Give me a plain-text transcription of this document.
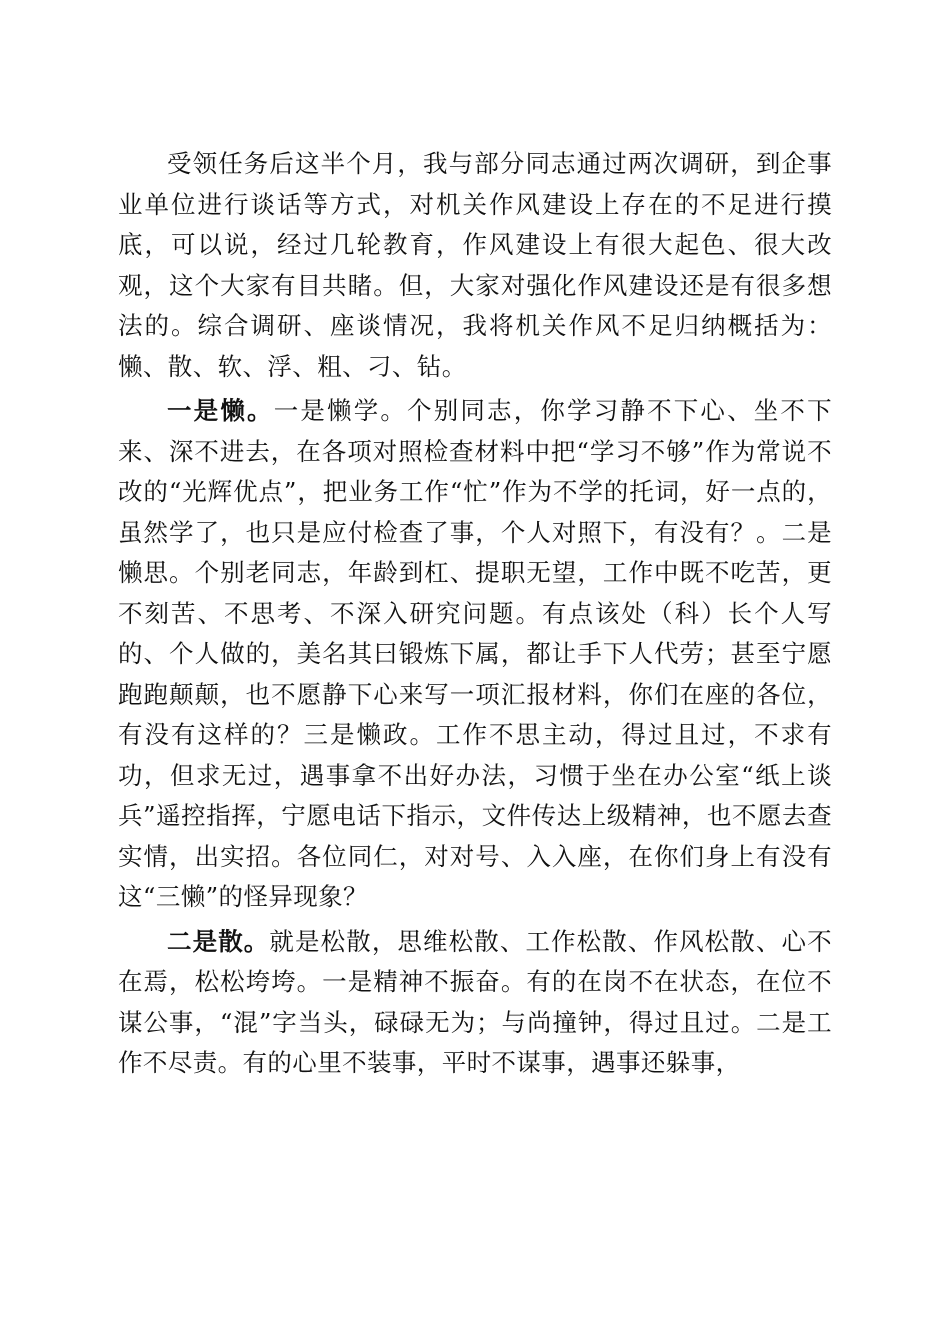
受领任务后这半个月，我与部分同志通过两次调研，到企事业单位进行谈话等方式，对机关作风建设上存在的不足进行摸底，可以说，经过几轮教育，作风建设上有很大起色、很大改观，这个大家有目共睹。但，大家对强化作风建设还是有很多想法的。综合调研、座谈情况，我将机关作风不足归纳概括为：懒、散、软、浮、粗、刁、钻。

一是懒。一是懒学。个别同志，你学习静不下心、坐不下来、深不进去，在各项对照检查材料中把“学习不够”作为常说不改的“光辉优点”，把业务工作“忙”作为不学的托词，好一点的，虽然学了，也只是应付检查了事，个人对照下，有没有？。二是懒思。个别老同志，年龄到杠、提职无望，工作中既不吃苦，更不刻苦、不思考、不深入研究问题。有点该处（科）长个人写的、个人做的，美名其曰锻炼下属，都让手下人代劳；甚至宁愿跑跑颠颠，也不愿静下心来写一项汇报材料，你们在座的各位，有没有这样的？三是懒政。工作不思主动，得过且过，不求有功，但求无过，遇事拿不出好办法，习惯于坐在办公室“纸上谈兵”遥控指挥，宁愿电话下指示，文件传达上级精神，也不愿去查实情，出实招。各位同仁，对对号、入入座，在你们身上有没有这“三懒”的怪异现象？

二是散。就是松散，思维松散、工作松散、作风松散、心不在焉，松松垮垮。一是精神不振奋。有的在岗不在状态，在位不谋公事，“混”字当头，碌碌无为；与尚撞钟，得过且过。二是工作不尽责。有的心里不装事，平时不谋事，遇事还躲事，
